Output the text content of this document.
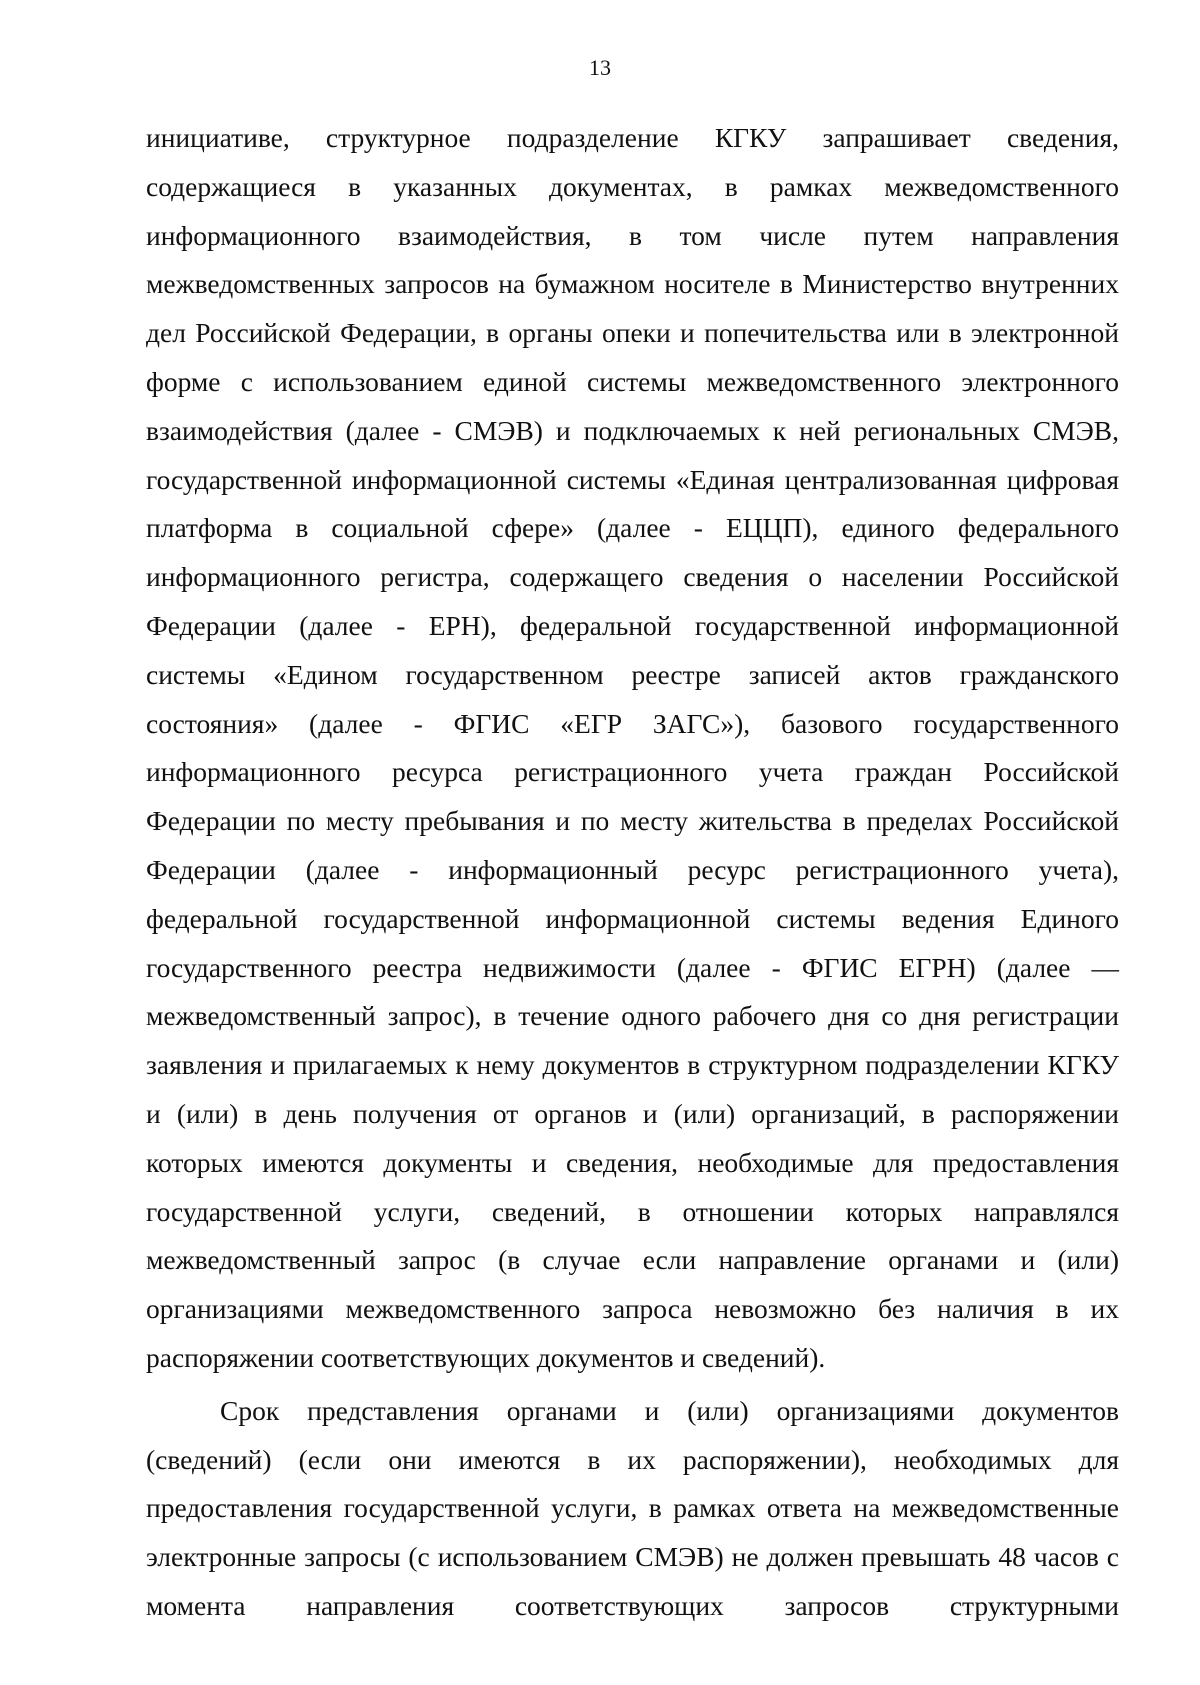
13

инициативе, структурное подразделение КГКУ запрашивает сведения, содержащиеся в указанных документах, в рамках межведомственного информационного взаимодействия, в том числе путем направления межведомственных запросов на бумажном носителе в Министерство внутренних дел Российской Федерации, в органы опеки и попечительства или в электронной форме с использованием единой системы межведомственного электронного взаимодействия (далее - СМЭВ) и подключаемых к ней региональных СМЭВ, государственной информационной системы «Единая централизованная цифровая платформа в социальной сфере» (далее - ЕЦЦП), единого федерального информационного регистра, содержащего сведения о населении Российской Федерации (далее - ЕРН), федеральной государственной информационной системы «Едином государственном реестре записей актов гражданского состояния» (далее - ФГИС «ЕГР ЗАГС»), базового государственного информационного ресурса регистрационного учета граждан Российской Федерации по месту пребывания и по месту жительства в пределах Российской Федерации (далее - информационный ресурс регистрационного учета), федеральной государственной информационной системы ведения Единого государственного реестра недвижимости (далее - ФГИС ЕГРН) (далее — межведомственный запрос), в течение одного рабочего дня со дня регистрации заявления и прилагаемых к нему документов в структурном подразделении КГКУ и (или) в день получения от органов и (или) организаций, в распоряжении которых имеются документы и сведения, необходимые для предоставления государственной услуги, сведений, в отношении которых направлялся межведомственный запрос (в случае если направление органами и (или) организациями межведомственного запроса невозможно без наличия в их распоряжении соответствующих документов и сведений).

Срок представления органами и (или) организациями документов (сведений) (если они имеются в их распоряжении), необходимых для предоставления государственной услуги, в рамках ответа на межведомственные электронные запросы (с использованием СМЭВ) не должен превышать 48 часов с момента направления соответствующих запросов структурными
